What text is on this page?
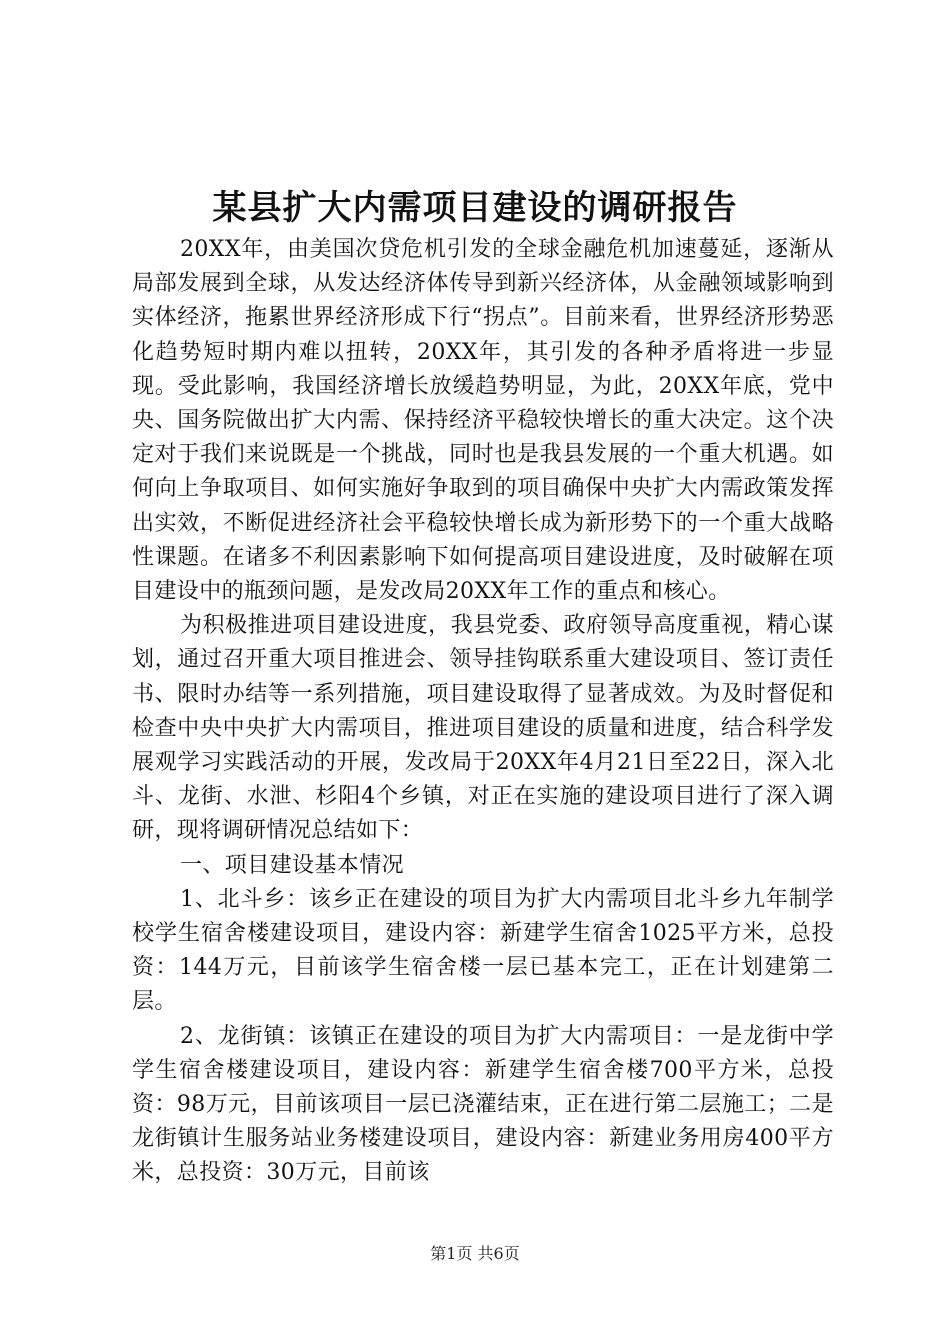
某县扩大内需项目建设的调研报告

20XX年，由美国次贷危机引发的全球金融危机加速蔓延，逐渐从局部发展到全球，从发达经济体传导到新兴经济体，从金融领域影响到实体经济，拖累世界经济形成下行“拐点”。目前来看，世界经济形势恶化趋势短时期内难以扭转，20XX年，其引发的各种矛盾将进一步显现。受此影响，我国经济增长放缓趋势明显，为此，20XX年底，党中央、国务院做出扩大内需、保持经济平稳较快增长的重大决定。这个决定对于我们来说既是一个挑战，同时也是我县发展的一个重大机遇。如何向上争取项目、如何实施好争取到的项目确保中央扩大内需政策发挥出实效，不断促进经济社会平稳较快增长成为新形势下的一个重大战略性课题。在诸多不利因素影响下如何提高项目建设进度，及时破解在项目建设中的瓶颈问题，是发改局20XX年工作的重点和核心。

为积极推进项目建设进度，我县党委、政府领导高度重视，精心谋划，通过召开重大项目推进会、领导挂钩联系重大建设项目、签订责任书、限时办结等一系列措施，项目建设取得了显著成效。为及时督促和检查中央中央扩大内需项目，推进项目建设的质量和进度，结合科学发展观学习实践活动的开展，发改局于20XX年4月21日至22日，深入北斗、龙街、水泄、杉阳4个乡镇，对正在实施的建设项目进行了深入调研，现将调研情况总结如下：

一、项目建设基本情况

1、北斗乡：该乡正在建设的项目为扩大内需项目北斗乡九年制学校学生宿舍楼建设项目，建设内容：新建学生宿舍1025平方米，总投资：144万元，目前该学生宿舍楼一层已基本完工，正在计划建第二层。

2、龙街镇：该镇正在建设的项目为扩大内需项目：一是龙街中学学生宿舍楼建设项目，建设内容：新建学生宿舍楼700平方米，总投资：98万元，目前该项目一层已浇灌结束，正在进行第二层施工；二是龙街镇计生服务站业务楼建设项目，建设内容：新建业务用房400平方米，总投资：30万元，目前该

第1页 共6页
